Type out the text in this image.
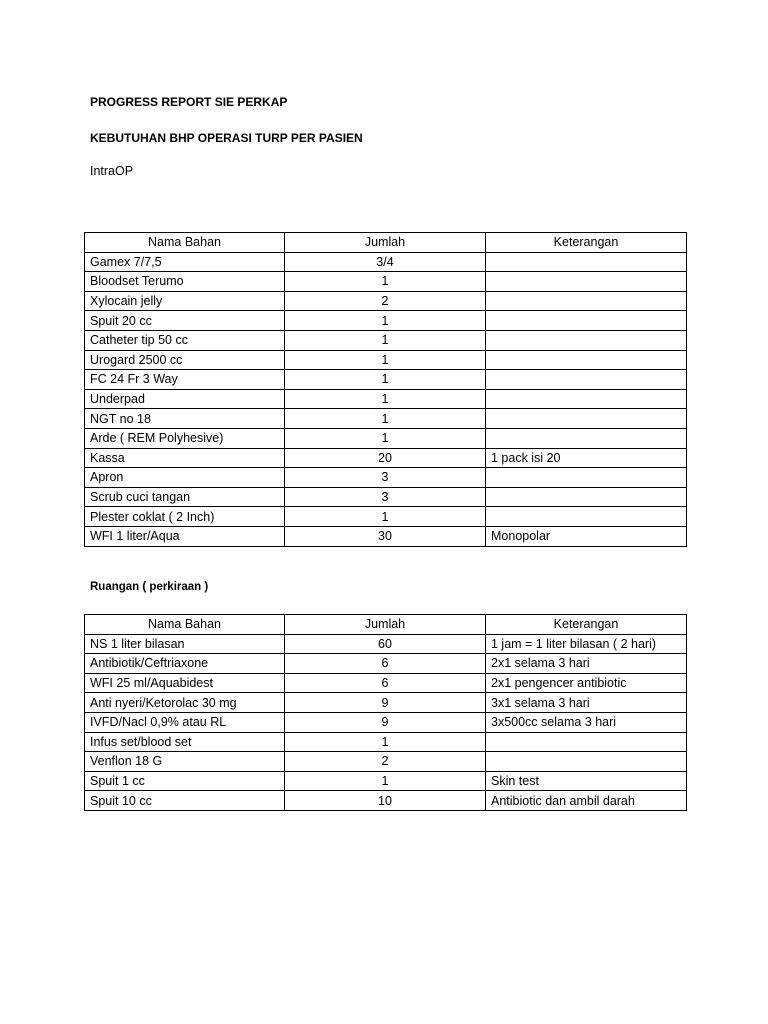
PROGRESS REPORT SIE PERKAP
KEBUTUHAN BHP OPERASI TURP PER PASIEN
IntraOP
Nama Bahan	Jumlah	Keterangan
Gamex 7/7,5	3/4	
Bloodset Terumo	1	
Xylocain jelly	2	
Spuit 20 cc	1	
Catheter tip 50 cc	1	
Urogard 2500 cc	1	
FC 24 Fr 3 Way	1	
Underpad	1	
NGT no 18	1	
Arde ( REM Polyhesive)	1	
Kassa	20	1 pack isi 20
Apron	3	
Scrub cuci tangan	3	
Plester coklat ( 2 Inch)	1	
WFI 1 liter/Aqua	30	Monopolar
Ruangan ( perkiraan )
Nama Bahan	Jumlah	Keterangan
NS 1 liter bilasan	60	1 jam = 1 liter bilasan ( 2 hari)
Antibiotik/Ceftriaxone	6	2x1 selama 3 hari
WFI 25 ml/Aquabidest	6	2x1 pengencer antibiotic
Anti nyeri/Ketorolac 30 mg	9	3x1 selama 3 hari
IVFD/Nacl 0,9% atau RL	9	3x500cc selama 3 hari
Infus set/blood set	1	
Venflon 18 G	2	
Spuit 1 cc	1	Skin test
Spuit 10 cc	10	Antibiotic dan ambil darah
